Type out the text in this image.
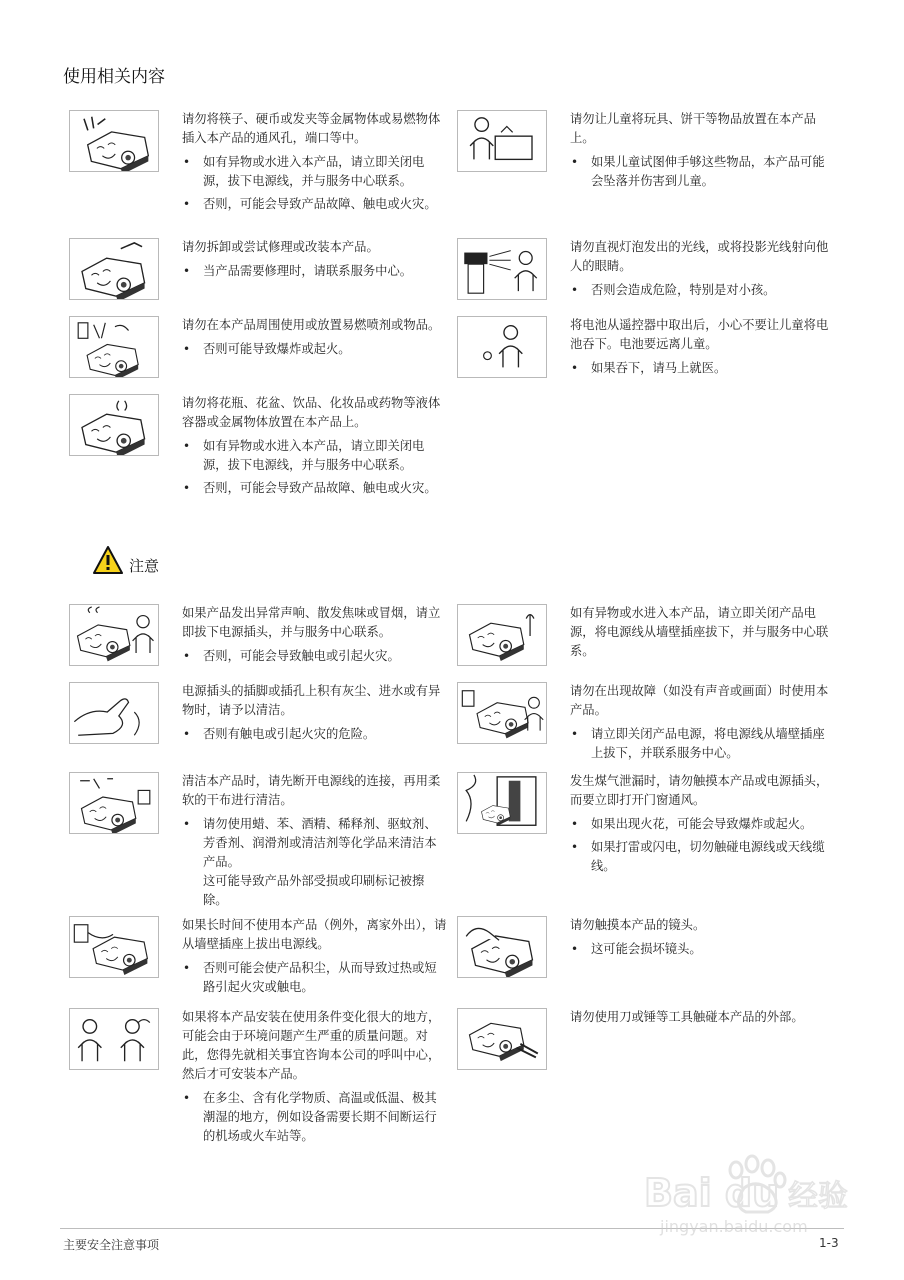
使用相关内容

请勿将筷子、硬币或发夹等金属物体或易燃物体插入本产品的通风孔，端口等中。

• 如有异物或水进入本产品，请立即关闭电源，拔下电源线，并与服务中心联系。
• 否则，可能会导致产品故障、触电或火灾。

请勿让儿童将玩具、饼干等物品放置在本产品上。

• 如果儿童试图伸手够这些物品，本产品可能会坠落并伤害到儿童。

请勿拆卸或尝试修理或改装本产品。

• 当产品需要修理时，请联系服务中心。

请勿直视灯泡发出的光线，或将投影光线射向他人的眼睛。

• 否则会造成危险，特别是对小孩。

请勿在本产品周围使用或放置易燃喷剂或物品。

• 否则可能导致爆炸或起火。

将电池从遥控器中取出后，小心不要让儿童将电池吞下。电池要远离儿童。

• 如果吞下，请马上就医。

请勿将花瓶、花盆、饮品、化妆品或药物等液体容器或金属物体放置在本产品上。

• 如有异物或水进入本产品，请立即关闭电源，拔下电源线，并与服务中心联系。
• 否则，可能会导致产品故障、触电或火灾。

如果产品发出异常声响、散发焦味或冒烟，请立即拔下电源插头，并与服务中心联系。

• 否则，可能会导致触电或引起火灾。

如有异物或水进入本产品，请立即关闭产品电源，将电源线从墙壁插座拔下，并与服务中心联系。

电源插头的插脚或插孔上积有灰尘、进水或有异物时，请予以清洁。

• 否则有触电或引起火灾的危险。

请勿在出现故障（如没有声音或画面）时使用本产品。

• 请立即关闭产品电源，将电源线从墙壁插座上拔下，并联系服务中心。

清洁本产品时，请先断开电源线的连接，再用柔软的干布进行清洁。

• 请勿使用蜡、苯、酒精、稀释剂、驱蚊剂、芳香剂、润滑剂或清洁剂等化学品来清洁本产品。
这可能导致产品外部受损或印刷标记被擦除。

发生煤气泄漏时，请勿触摸本产品或电源插头，而要立即打开门窗通风。

• 如果出现火花，可能会导致爆炸或起火。
• 如果打雷或闪电，切勿触碰电源线或天线缆线。

如果长时间不使用本产品（例外，离家外出），请从墙壁插座上拔出电源线。

• 否则可能会使产品积尘，从而导致过热或短路引起火灾或触电。

请勿触摸本产品的镜头。

• 这可能会损坏镜头。

如果将本产品安装在使用条件变化很大的地方，可能会由于环境问题产生严重的质量问题。对此，您得先就相关事宜咨询本公司的呼叫中心，然后才可安装本产品。

• 在多尘、含有化学物质、高温或低温、极其潮湿的地方，例如设备需要长期不间断运行的机场或火车站等。

请勿使用刀或锤等工具触碰本产品的外部。

注意
主要安全注意事项	1-3
Bai du 经验
jingyan.baidu.com
